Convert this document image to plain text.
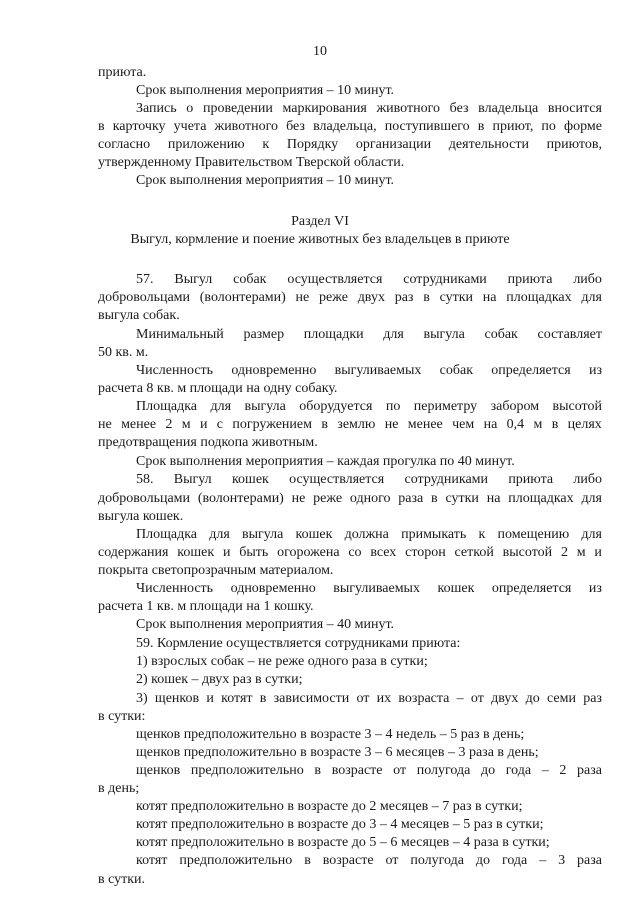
10
приюта.
Срок выполнения мероприятия – 10 минут.
Запись о проведении маркирования животного без владельца вносится
в карточку учета животного без владельца, поступившего в приют, по форме
согласно приложению к Порядку организации деятельности приютов,
утвержденному Правительством Тверской области.
Срок выполнения мероприятия – 10 минут.
Раздел VI
Выгул, кормление и поение животных без владельцев в приюте
57. Выгул собак осуществляется сотрудниками приюта либо
добровольцами (волонтерами) не реже двух раз в сутки на площадках для
выгула собак.
Минимальный размер площадки для выгула собак составляет
50 кв. м.
Численность одновременно выгуливаемых собак определяется из
расчета 8 кв. м площади на одну собаку.
Площадка для выгула оборудуется по периметру забором высотой
не менее 2 м и с погружением в землю не менее чем на 0,4 м в целях
предотвращения подкопа животным.
Срок выполнения мероприятия – каждая прогулка по 40 минут.
58. Выгул кошек осуществляется сотрудниками приюта либо
добровольцами (волонтерами) не реже одного раза в сутки на площадках для
выгула кошек.
Площадка для выгула кошек должна примыкать к помещению для
содержания кошек и быть огорожена со всех сторон сеткой высотой 2 м и
покрыта светопрозрачным материалом.
Численность одновременно выгуливаемых кошек определяется из
расчета 1 кв. м площади на 1 кошку.
Срок выполнения мероприятия – 40 минут.
59. Кормление осуществляется сотрудниками приюта:
1) взрослых собак – не реже одного раза в сутки;
2) кошек – двух раз в сутки;
3) щенков и котят в зависимости от их возраста – от двух до семи раз
в сутки:
щенков предположительно в возрасте 3 – 4 недель – 5 раз в день;
щенков предположительно в возрасте 3 – 6 месяцев – 3 раза в день;
щенков предположительно в возрасте от полугода до года – 2 раза
в день;
котят предположительно в возрасте до 2 месяцев – 7 раз в сутки;
котят предположительно в возрасте до 3 – 4 месяцев – 5 раз в сутки;
котят предположительно в возрасте до 5 – 6 месяцев – 4 раза в сутки;
котят предположительно в возрасте от полугода до года – 3 раза
в сутки.
